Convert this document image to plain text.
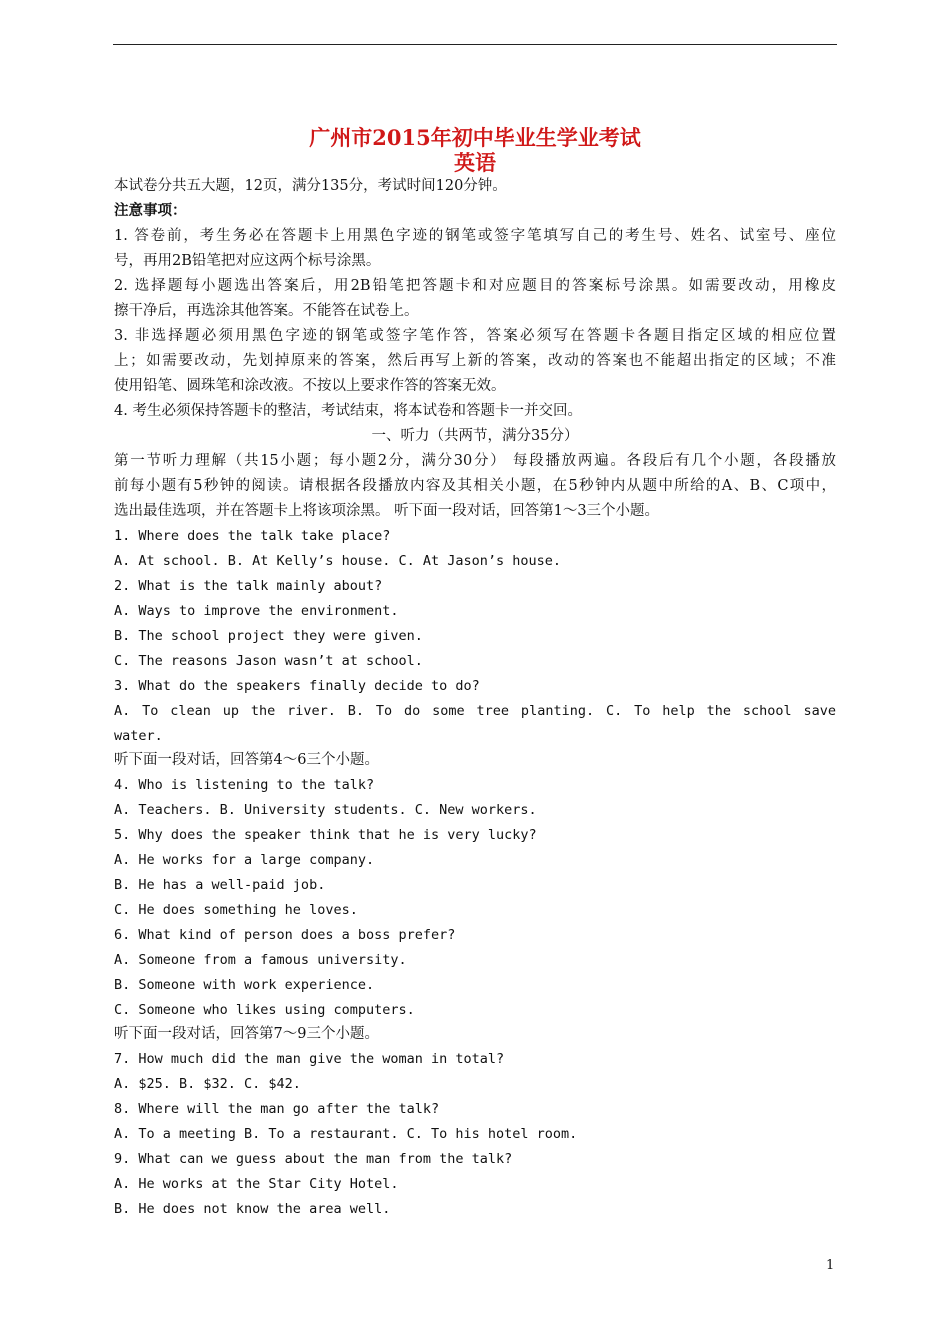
广州市2015年初中毕业生学业考试
英语
本试卷分共五大题，12页，满分135分，考试时间120分钟。
注意事项：
1. 答卷前，考生务必在答题卡上用黑色字迹的钢笔或签字笔填写自己的考生号、姓名、试室号、座位
号，再用2B铅笔把对应这两个标号涂黑。
2. 选择题每小题选出答案后，用2B铅笔把答题卡和对应题目的答案标号涂黑。如需要改动，用橡皮
擦干净后，再选涂其他答案。不能答在试卷上。
3. 非选择题必须用黑色字迹的钢笔或签字笔作答，答案必须写在答题卡各题目指定区域的相应位置
上；如需要改动，先划掉原来的答案，然后再写上新的答案，改动的答案也不能超出指定的区域；不准
使用铅笔、圆珠笔和涂改液。不按以上要求作答的答案无效。
4. 考生必须保持答题卡的整洁，考试结束，将本试卷和答题卡一并交回。
一、听力（共两节，满分35分）
第一节听力理解（共15小题；每小题2分，满分30分） 每段播放两遍。各段后有几个小题，各段播放
前每小题有5秒钟的阅读。请根据各段播放内容及其相关小题，在5秒钟内从题中所给的A、B、C项中，
选出最佳选项，并在答题卡上将该项涂黑。 听下面一段对话，回答第1～3三个小题。
1. Where does the talk take place?
A. At school. B. At Kelly’s house. C. At Jason’s house.
2. What is the talk mainly about?
A. Ways to improve the environment.
B. The school project they were given.
C. The reasons Jason wasn’t at school.
3. What do the speakers finally decide to do?
A. To clean up the river. B. To do some tree planting. C. To help the school save
water.
听下面一段对话，回答第4～6三个小题。
4. Who is listening to the talk?
A. Teachers. B. University students. C. New workers.
5. Why does the speaker think that he is very lucky?
A. He works for a large company.
B. He has a well-paid job.
C. He does something he loves.
6. What kind of person does a boss prefer?
A. Someone from a famous university.
B. Someone with work experience.
C. Someone who likes using computers.
听下面一段对话，回答第7～9三个小题。
7. How much did the man give the woman in total?
A. $25. B. $32. C. $42.
8. Where will the man go after the talk?
A. To a meeting B. To a restaurant. C. To his hotel room.
9. What can we guess about the man from the talk?
A. He works at the Star City Hotel.
B. He does not know the area well.
1
